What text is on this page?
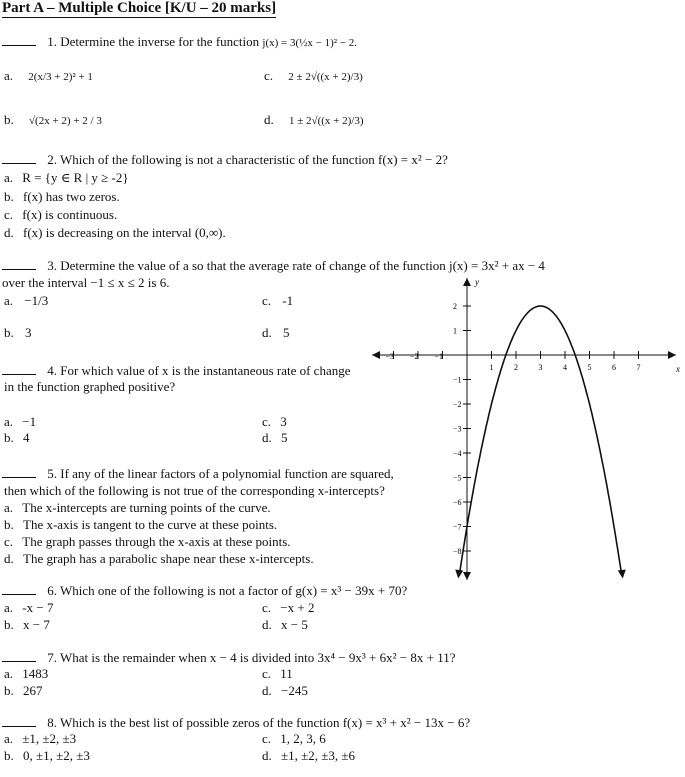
Part A – Multiple Choice [K/U – 20 marks]
1. Determine the inverse for the function j(x) = 3(½x − 1)² − 2.
a. 2(x/3 + 2)² + 1	c. 2 ± 2√((x + 2)/3)
b. √(2x + 2) + 2 / 3	d. 1 ± 2√((x + 2)/3)
2. Which of the following is not a characteristic of the function f(x) = x² − 2?
a. R = {y ∈ R | y ≥ -2}
b. f(x) has two zeros.
c. f(x) is continuous.
d. f(x) is decreasing on the interval (0,∞).
3. Determine the value of a so that the average rate of change of the function j(x) = 3x² + ax − 4
over the interval −1 ≤ x ≤ 2 is 6.
a. −1/3	c. -1
b. 3	d. 5
4. For which value of x is the instantaneous rate of change
in the function graphed positive?
a. −1	c. 3
b. 4	d. 5
5. If any of the linear factors of a polynomial function are squared,
then which of the following is not true of the corresponding x-intercepts?
a. The x-intercepts are turning points of the curve.
b. The x-axis is tangent to the curve at these points.
c. The graph passes through the x-axis at these points.
d. The graph has a parabolic shape near these x-intercepts.
6. Which one of the following is not a factor of g(x) = x³ − 39x + 70?
a. -x − 7	c. −x + 2
b. x − 7	d. x − 5
7. What is the remainder when x − 4 is divided into 3x⁴ − 9x³ + 6x² − 8x + 11?
a. 1483	c. 11
b. 267	d. −245
8. Which is the best list of possible zeros of the function f(x) = x³ + x² − 13x − 6?
a. ±1, ±2, ±3	c. 1, 2, 3, 6
b. 0, ±1, ±2, ±3	d. ±1, ±2, ±3, ±6
−3 −2 −1
1	2	3	4	5	6	7
2
1
−1
−2
−3
−4
−5
−6
−7
−8
x
y
